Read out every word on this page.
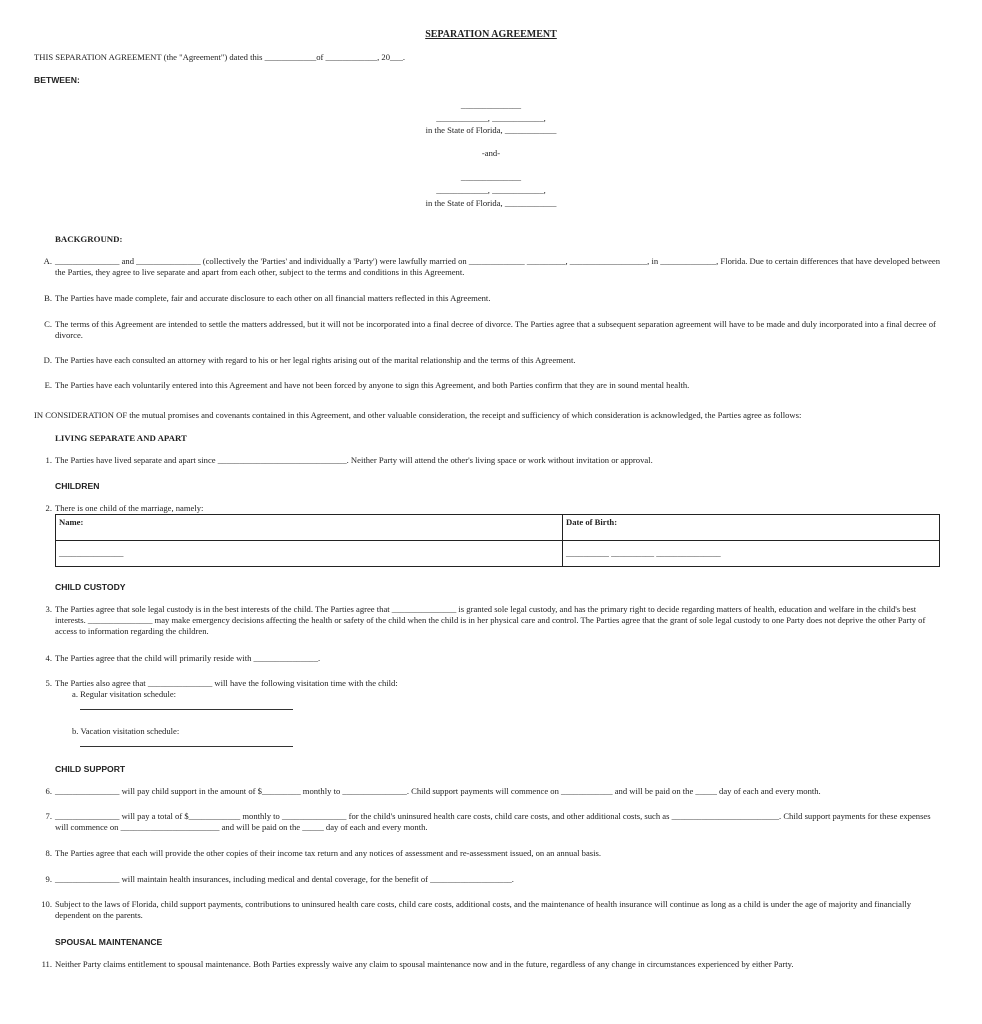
SEPARATION AGREEMENT
THIS SEPARATION AGREEMENT (the "Agreement") dated this ____________of ____________, 20___.
BETWEEN:
______________
____________, ____________,
in the State of Florida, ____________
-and-
______________
____________, ____________,
in the State of Florida, ____________
BACKGROUND:
A. _______________ and _______________ (collectively the 'Parties' and individually a 'Party') were lawfully married on _____________ _________, __________________, in _____________, Florida. Due to certain differences that have developed between the Parties, they agree to live separate and apart from each other, subject to the terms and conditions in this Agreement.
B. The Parties have made complete, fair and accurate disclosure to each other on all financial matters reflected in this Agreement.
C. The terms of this Agreement are intended to settle the matters addressed, but it will not be incorporated into a final decree of divorce. The Parties agree that a subsequent separation agreement will have to be made and duly incorporated into a final decree of divorce.
D. The Parties have each consulted an attorney with regard to his or her legal rights arising out of the marital relationship and the terms of this Agreement.
E. The Parties have each voluntarily entered into this Agreement and have not been forced by anyone to sign this Agreement, and both Parties confirm that they are in sound mental health.
IN CONSIDERATION OF the mutual promises and covenants contained in this Agreement, and other valuable consideration, the receipt and sufficiency of which consideration is acknowledged, the Parties agree as follows:
LIVING SEPARATE AND APART
1. The Parties have lived separate and apart since ______________________________. Neither Party will attend the other's living space or work without invitation or approval.
CHILDREN
2. There is one child of the marriage, namely:
Name:	Date of Birth:
_______________	__________ __________ _______________
CHILD CUSTODY
3. The Parties agree that sole legal custody is in the best interests of the child. The Parties agree that _______________ is granted sole legal custody, and has the primary right to decide regarding matters of health, education and welfare in the child's best interests. _______________ may make emergency decisions affecting the health or safety of the child when the child is in her physical care and control. The Parties agree that the grant of sole legal custody to one Party does not deprive the other Party of access to information regarding the children.
4. The Parties agree that the child will primarily reside with _______________.
5. The Parties also agree that _______________ will have the following visitation time with the child:
a. Regular visitation schedule:
b. Vacation visitation schedule:
CHILD SUPPORT
6. _______________ will pay child support in the amount of $_________ monthly to _______________. Child support payments will commence on ____________ and will be paid on the _____ day of each and every month.
7. _______________ will pay a total of $____________ monthly to _______________ for the child's uninsured health care costs, child care costs, and other additional costs, such as _________________________. Child support payments for these expenses will commence on _______________________ and will be paid on the _____ day of each and every month.
8. The Parties agree that each will provide the other copies of their income tax return and any notices of assessment and re-assessment issued, on an annual basis.
9. _______________ will maintain health insurances, including medical and dental coverage, for the benefit of ___________________.
10. Subject to the laws of Florida, child support payments, contributions to uninsured health care costs, child care costs, additional costs, and the maintenance of health insurance will continue as long as a child is under the age of majority and financially dependent on the parents.
SPOUSAL MAINTENANCE
11. Neither Party claims entitlement to spousal maintenance. Both Parties expressly waive any claim to spousal maintenance now and in the future, regardless of any change in circumstances experienced by either Party.
